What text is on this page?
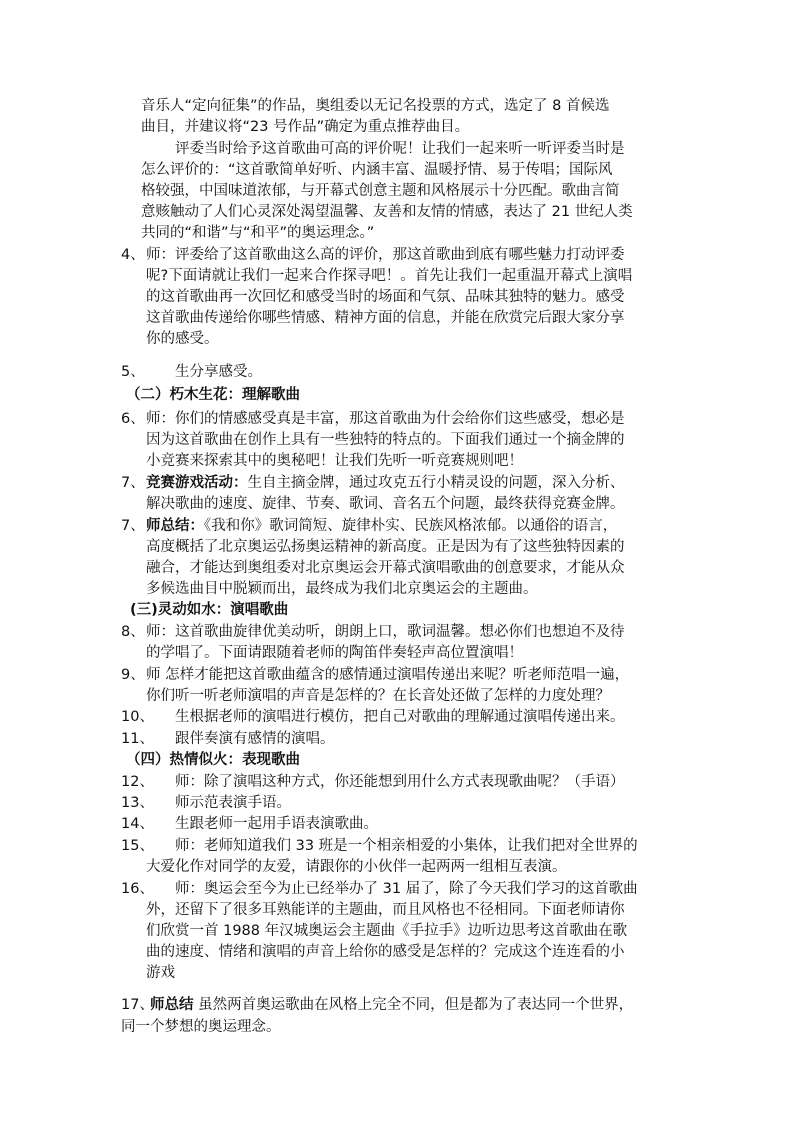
音乐人“定向征集”的作品，奥组委以无记名投票的方式，选定了 8 首候选
曲目，并建议将“23 号作品”确定为重点推荐曲目。
评委当时给予这首歌曲可高的评价呢！让我们一起来听一听评委当时是
怎么评价的：“这首歌简单好听、内涵丰富、温暖抒情、易于传唱；国际风
格较强，中国味道浓郁，与开幕式创意主题和风格展示十分匹配。歌曲言简
意赅触动了人们心灵深处渴望温馨、友善和友情的情感，表达了 21 世纪人类
共同的“和谐”与“和平”的奥运理念。”
4、 师：评委给了这首歌曲这么高的评价，那这首歌曲到底有哪些魅力打动评委
呢?下面请就让我们一起来合作探寻吧！。首先让我们一起重温开幕式上演唱
的这首歌曲再一次回忆和感受当时的场面和气氛、品味其独特的魅力。感受
这首歌曲传递给你哪些情感、精神方面的信息，并能在欣赏完后跟大家分享
你的感受。
5、 生分享感受。
（二）朽木生花：理解歌曲
6、 师：你们的情感感受真是丰富，那这首歌曲为什会给你们这些感受，想必是
因为这首歌曲在创作上具有一些独特的特点的。下面我们通过一个摘金牌的
小竞赛来探索其中的奥秘吧！让我们先听一听竞赛规则吧！
7、 竞赛游戏活动：生自主摘金牌，通过攻克五行小精灵设的问题，深入分析、
解决歌曲的速度、旋律、节奏、歌词、音名五个问题，最终获得竞赛金牌。
7、 师总结：《我和你》歌词简短、旋律朴实、民族风格浓郁。以通俗的语言，
高度概括了北京奥运弘扬奥运精神的新高度。正是因为有了这些独特因素的
融合，才能达到奥组委对北京奥运会开幕式演唱歌曲的创意要求，才能从众
多候选曲目中脱颖而出，最终成为我们北京奥运会的主题曲。
(三)灵动如水：演唱歌曲
8、 师：这首歌曲旋律优美动听，朗朗上口，歌词温馨。想必你们也想迫不及待
的学唱了。下面请跟随着老师的陶笛伴奏轻声高位置演唱！
9、 师 怎样才能把这首歌曲蕴含的感情通过演唱传递出来呢？听老师范唱一遍，
你们听一听老师演唱的声音是怎样的？在长音处还做了怎样的力度处理？
10、 生根据老师的演唱进行模仿，把自己对歌曲的理解通过演唱传递出来。
11、 跟伴奏演有感情的演唱。
（四）热情似火：表现歌曲
12、 师：除了演唱这种方式，你还能想到用什么方式表现歌曲呢？（手语）
13、 师示范表演手语。
14、 生跟老师一起用手语表演歌曲。
15、 师：老师知道我们 33 班是一个相亲相爱的小集体，让我们把对全世界的
大爱化作对同学的友爱，请跟你的小伙伴一起两两一组相互表演。
16、 师：奥运会至今为止已经举办了 31 届了，除了今天我们学习的这首歌曲
外，还留下了很多耳熟能详的主题曲，而且风格也不径相同。下面老师请你
们欣赏一首 1988 年汉城奥运会主题曲《手拉手》边听边思考这首歌曲在歌
曲的速度、情绪和演唱的声音上给你的感受是怎样的？完成这个连连看的小
游戏
17、
师总结 虽然两首奥运歌曲在风格上完全不同，但是都为了表达同一个世界，
同一个梦想的奥运理念。
